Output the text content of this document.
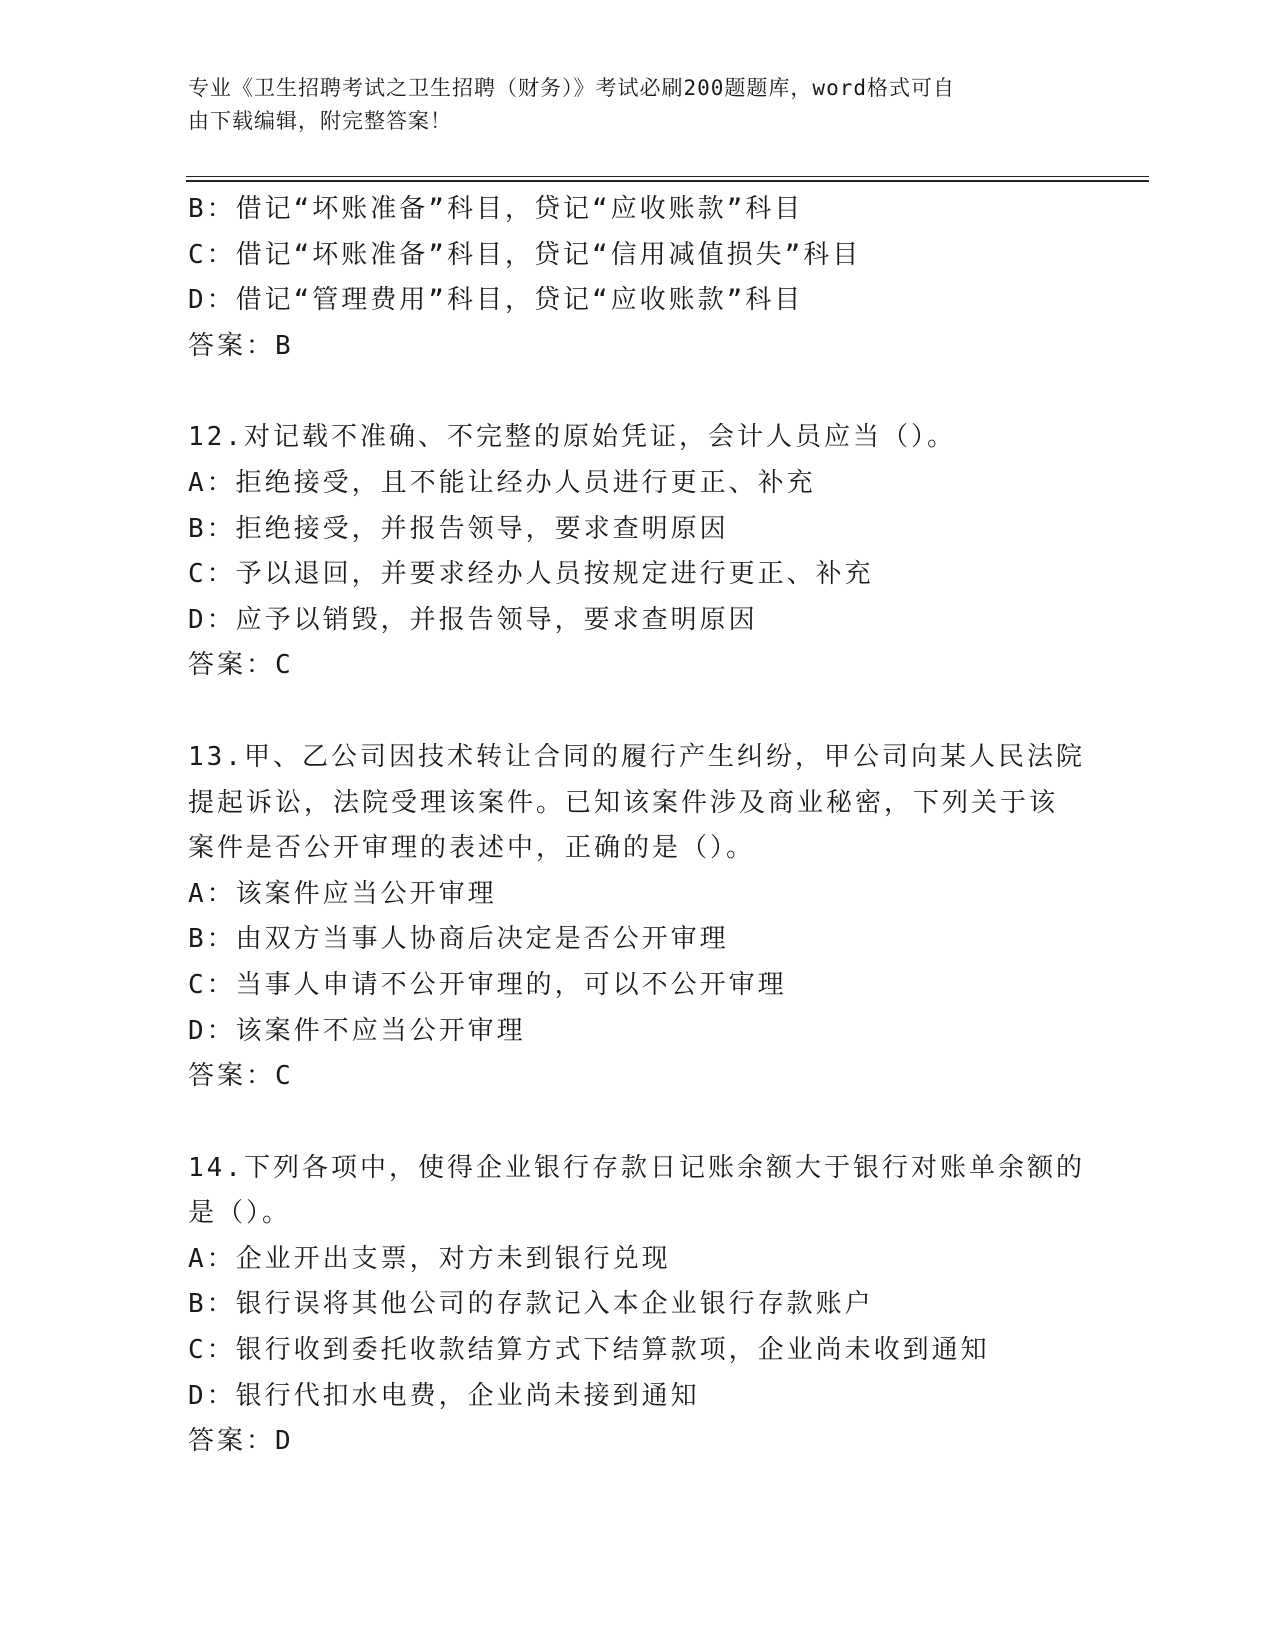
专业《卫生招聘考试之卫生招聘（财务）》考试必刷200题题库，word格式可自
由下载编辑，附完整答案！
B：借记“坏账准备”科目，贷记“应收账款”科目
C：借记“坏账准备”科目，贷记“信用减值损失”科目
D：借记“管理费用”科目，贷记“应收账款”科目
答案：B
12.对记载不准确、不完整的原始凭证，会计人员应当（）。
A：拒绝接受，且不能让经办人员进行更正、补充
B：拒绝接受，并报告领导，要求查明原因
C：予以退回，并要求经办人员按规定进行更正、补充
D：应予以销毁，并报告领导，要求查明原因
答案：C
13.甲、乙公司因技术转让合同的履行产生纠纷，甲公司向某人民法院
提起诉讼，法院受理该案件。已知该案件涉及商业秘密，下列关于该
案件是否公开审理的表述中，正确的是（）。
A：该案件应当公开审理
B：由双方当事人协商后决定是否公开审理
C：当事人申请不公开审理的，可以不公开审理
D：该案件不应当公开审理
答案：C
14.下列各项中，使得企业银行存款日记账余额大于银行对账单余额的
是（）。
A：企业开出支票，对方未到银行兑现
B：银行误将其他公司的存款记入本企业银行存款账户
C：银行收到委托收款结算方式下结算款项，企业尚未收到通知
D：银行代扣水电费，企业尚未接到通知
答案：D
